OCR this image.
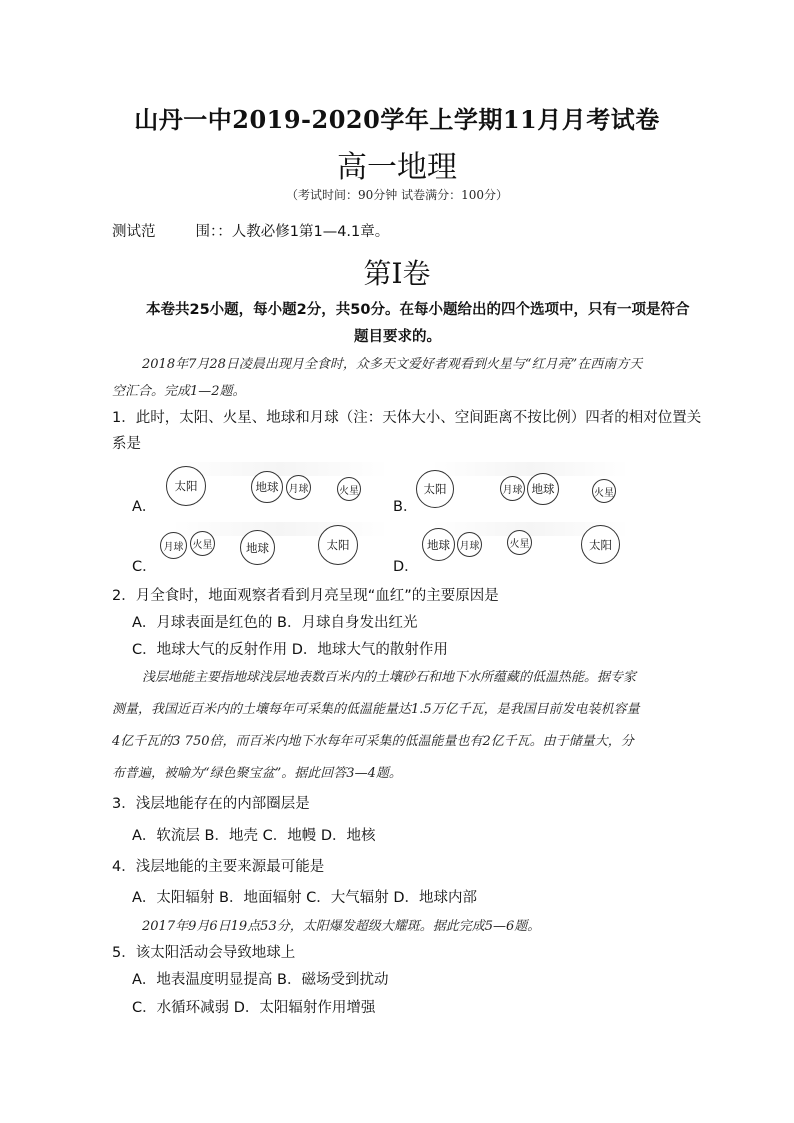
山丹一中2019-2020学年上学期11月月考试卷
高一地理
（考试时间：90分钟 试卷满分：100分）
测试范	围：：人教必修1第1—4.1章。
第Ⅰ卷
本卷共25小题，每小题2分，共50分。在每小题给出的四个选项中，只有一项是符合
题目要求的。
2018年7月28日凌晨出现月全食时，众多天文爱好者观看到火星与“红月亮”在西南方天
空汇合。完成1—2题。
1．此时，太阳、火星、地球和月球（注：天体大小、空间距离不按比例）四者的相对位置关
系是
A．
太阳	地球 月球	火星
B．
太阳	月球 地球	火星
C．
月球 火星	地球	太阳
D．
地球 月球	火星	太阳
2．月全食时，地面观察者看到月亮呈现“血红”的主要原因是
A．月球表面是红色的 B．月球自身发出红光
C．地球大气的反射作用 D．地球大气的散射作用
浅层地能主要指地球浅层地表数百米内的土壤砂石和地下水所蕴藏的低温热能。据专家
测量，我国近百米内的土壤每年可采集的低温能量达1.5万亿千瓦，是我国目前发电装机容量
4亿千瓦的3 750倍，而百米内地下水每年可采集的低温能量也有2亿千瓦。由于储量大，分
布普遍，被喻为“绿色聚宝盆”。据此回答3—4题。
3．浅层地能存在的内部圈层是
A．软流层 B．地壳 C．地幔 D．地核
4．浅层地能的主要来源最可能是
A．太阳辐射 B．地面辐射 C．大气辐射 D．地球内部
2017年9月6日19点53分，太阳爆发超级大耀斑。据此完成5—6题。
5．该太阳活动会导致地球上
A．地表温度明显提高 B．磁场受到扰动
C．水循环减弱 D．太阳辐射作用增强
